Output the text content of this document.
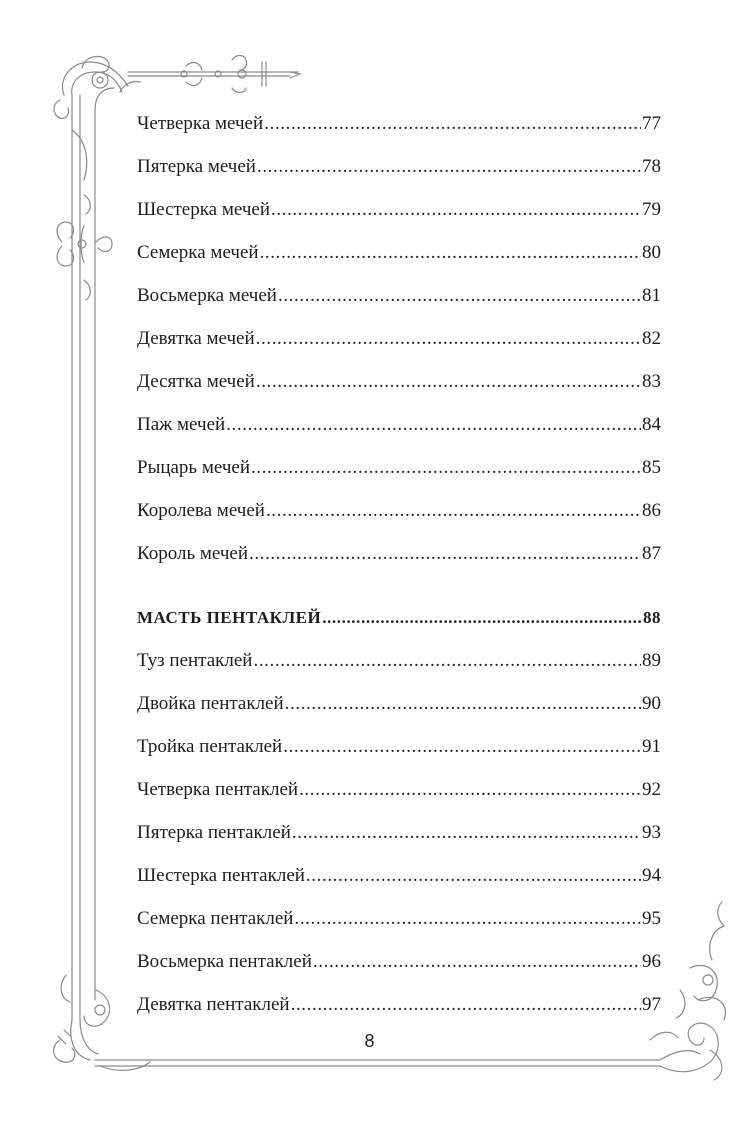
Четверка мечей .....	77
Пятерка мечей .....	78
Шестерка мечей .....	79
Семерка мечей .....	80
Восьмерка мечей .....	81
Девятка мечей .....	82
Десятка мечей .....	83
Паж мечей .....	84
Рыцарь мечей .....	85
Королева мечей .....	86
Король мечей .....	87
МАСТЬ ПЕНТАКЛЕЙ .....	88
Туз пентаклей .....	89
Двойка пентаклей .....	90
Тройка пентаклей .....	91
Четверка пентаклей .....	92
Пятерка пентаклей .....	93
Шестерка пентаклей .....	94
Семерка пентаклей .....	95
Восьмерка пентаклей .....	96
Девятка пентаклей .....	97
8
